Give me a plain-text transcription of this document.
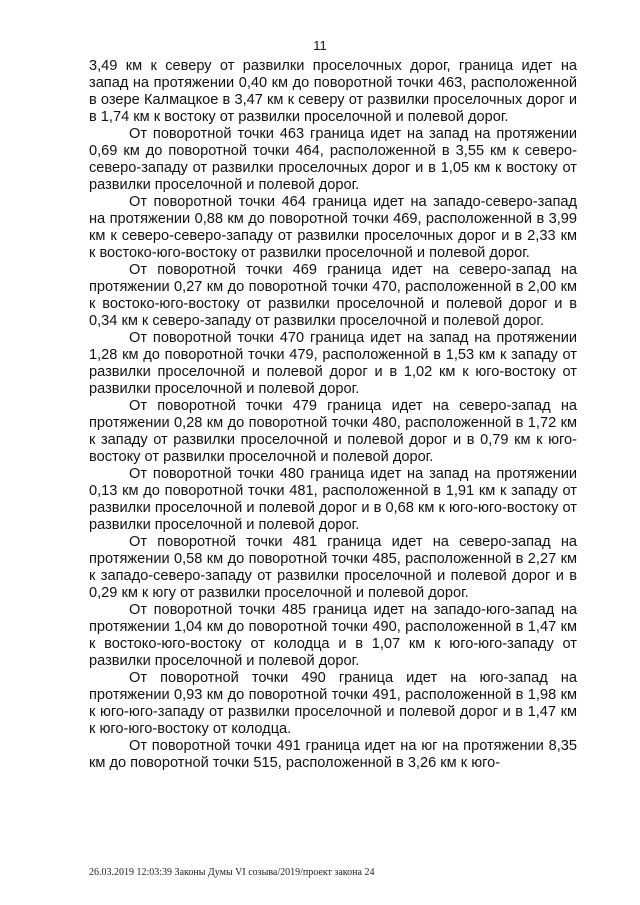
11

3,49 км к северу от развилки проселочных дорог, граница идет на запад на протяжении 0,40 км до поворотной точки 463, расположенной в озере Калмацкое в 3,47 км к северу от развилки проселочных дорог и в 1,74 км к востоку от развилки проселочной и полевой дорог.

От поворотной точки 463 граница идет на запад на протяжении 0,69 км до поворотной точки 464, расположенной в 3,55 км к северо-северо-западу от развилки проселочных дорог и в 1,05 км к востоку от развилки проселочной и полевой дорог.

От поворотной точки 464 граница идет на западо-северо-запад на протяжении 0,88 км до поворотной точки 469, расположенной в 3,99 км к северо-северо-западу от развилки проселочных дорог и в 2,33 км к востоко-юго-востоку от развилки проселочной и полевой дорог.

От поворотной точки 469 граница идет на северо-запад на протяжении 0,27 км до поворотной точки 470, расположенной в 2,00 км к востоко-юго-востоку от развилки проселочной и полевой дорог и в 0,34 км к северо-западу от развилки проселочной и полевой дорог.

От поворотной точки 470 граница идет на запад на протяжении 1,28 км до поворотной точки 479, расположенной в 1,53 км к западу от развилки проселочной и полевой дорог и в 1,02 км к юго-востоку от развилки проселочной и полевой дорог.

От поворотной точки 479 граница идет на северо-запад на протяжении 0,28 км до поворотной точки 480, расположенной в 1,72 км к западу от развилки проселочной и полевой дорог и в 0,79 км к юго-востоку от развилки проселочной и полевой дорог.

От поворотной точки 480 граница идет на запад на протяжении 0,13 км до поворотной точки 481, расположенной в 1,91 км к западу от развилки проселочной и полевой дорог и в 0,68 км к юго-юго-востоку от развилки проселочной и полевой дорог.

От поворотной точки 481 граница идет на северо-запад на протяжении 0,58 км до поворотной точки 485, расположенной в 2,27 км к западо-северо-западу от развилки проселочной и полевой дорог и в 0,29 км к югу от развилки проселочной и полевой дорог.

От поворотной точки 485 граница идет на западо-юго-запад на протяжении 1,04 км до поворотной точки 490, расположенной в 1,47 км к востоко-юго-востоку от колодца и в 1,07 км к юго-юго-западу от развилки проселочной и полевой дорог.

От поворотной точки 490 граница идет на юго-запад на протяжении 0,93 км до поворотной точки 491, расположенной в 1,98 км к юго-юго-западу от развилки проселочной и полевой дорог и в 1,47 км к юго-юго-востоку от колодца.

От поворотной точки 491 граница идет на юг на протяжении 8,35 км до поворотной точки 515, расположенной в 3,26 км к юго-

26.03.2019 12:03:39 Законы Думы VI созыва/2019/проект закона 24
